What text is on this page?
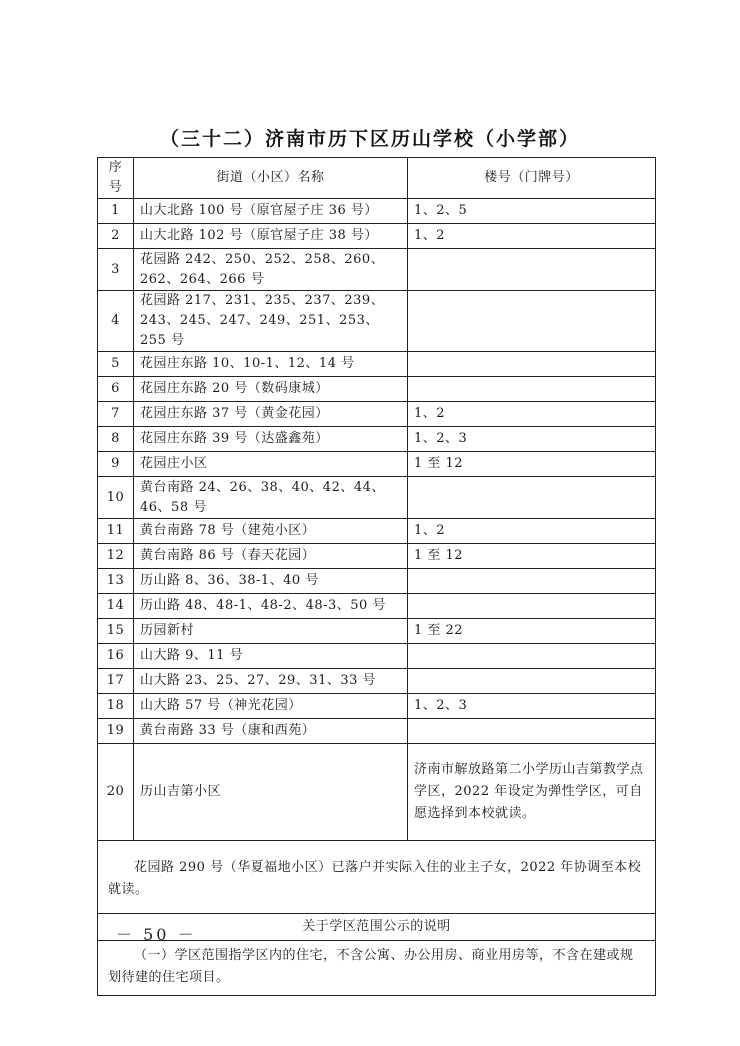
（三十二）济南市历下区历山学校（小学部）
序号	街道（小区）名称	楼号（门牌号）
1	山大北路 100 号（原官屋子庄 36 号）	1、2、5
2	山大北路 102 号（原官屋子庄 38 号）	1、2
3	花园路 242、250、252、258、260、262、264、266 号	
4	花园路 217、231、235、237、239、243、245、247、249、251、253、255 号	
5	花园庄东路 10、10-1、12、14 号	
6	花园庄东路 20 号（数码康城）	
7	花园庄东路 37 号（黄金花园）	1、2
8	花园庄东路 39 号（达盛鑫苑）	1、2、3
9	花园庄小区	1 至 12
10	黄台南路 24、26、38、40、42、44、46、58 号	
11	黄台南路 78 号（建苑小区）	1、2
12	黄台南路 86 号（春天花园）	1 至 12
13	历山路 8、36、38-1、40 号	
14	历山路 48、48-1、48-2、48-3、50 号	
15	历园新村	1 至 22
16	山大路 9、11 号	
17	山大路 23、25、27、29、31、33 号	
18	山大路 57 号（神光花园）	1、2、3
19	黄台南路 33 号（康和西苑）	
20	历山吉第小区	济南市解放路第二小学历山吉第教学点学区，2022 年设定为弹性学区，可自愿选择到本校就读。
花园路 290 号（华夏福地小区）已落户并实际入住的业主子女，2022 年协调至本校就读。		
关于学区范围公示的说明		
（一）学区范围指学区内的住宅，不含公寓、办公用房、商业用房等，不含在建或规划待建的住宅项目。		
－ 50 －
